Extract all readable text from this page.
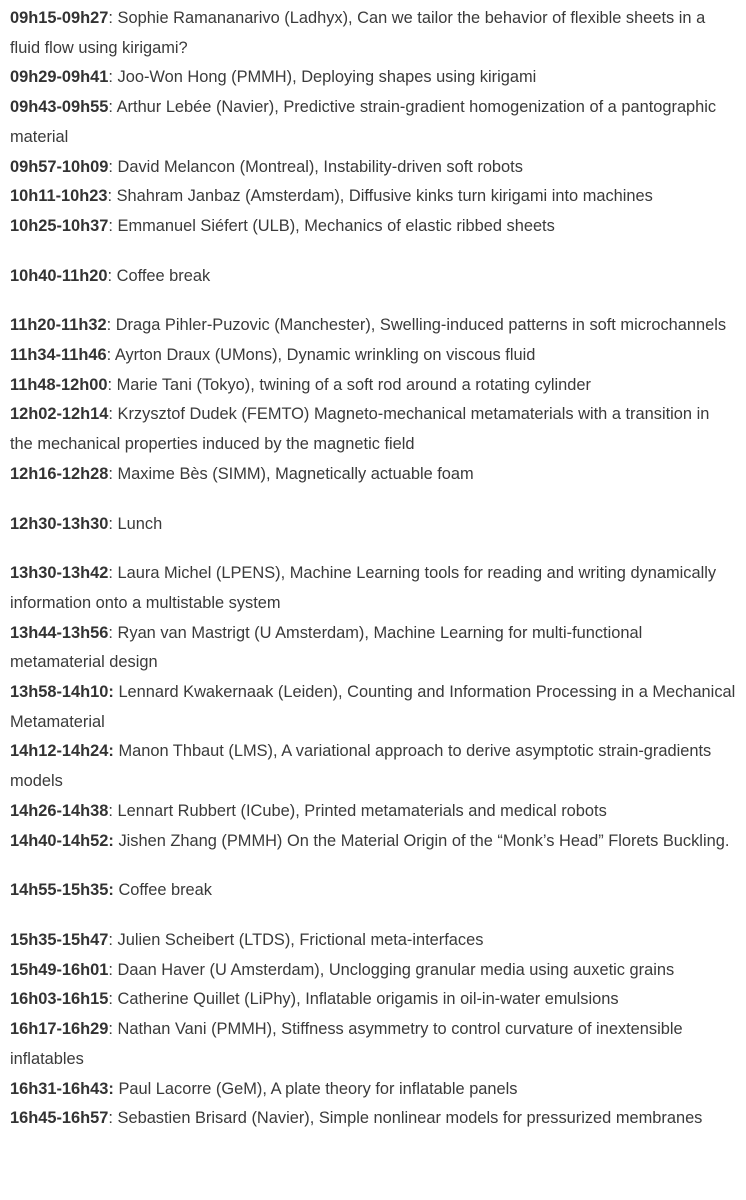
09h15-09h27: Sophie Ramananarivo (Ladhyx), Can we tailor the behavior of flexible sheets in a fluid flow using kirigami?

09h29-09h41: Joo-Won Hong (PMMH), Deploying shapes using kirigami

09h43-09h55: Arthur Lebée (Navier), Predictive strain-gradient homogenization of a pantographic material

09h57-10h09: David Melancon (Montreal), Instability-driven soft robots

10h11-10h23: Shahram Janbaz (Amsterdam), Diffusive kinks turn kirigami into machines

10h25-10h37: Emmanuel Siéfert (ULB), Mechanics of elastic ribbed sheets

10h40-11h20: Coffee break

11h20-11h32: Draga Pihler-Puzovic (Manchester), Swelling-induced patterns in soft microchannels

11h34-11h46: Ayrton Draux (UMons), Dynamic wrinkling on viscous fluid

11h48-12h00: Marie Tani (Tokyo), twining of a soft rod around a rotating cylinder

12h02-12h14: Krzysztof Dudek (FEMTO) Magneto-mechanical metamaterials with a transition in the mechanical properties induced by the magnetic field

12h16-12h28: Maxime Bès (SIMM), Magnetically actuable foam

12h30-13h30: Lunch

13h30-13h42: Laura Michel (LPENS), Machine Learning tools for reading and writing dynamically information onto a multistable system

13h44-13h56: Ryan van Mastrigt (U Amsterdam), Machine Learning for multi-functional metamaterial design

13h58-14h10: Lennard Kwakernaak (Leiden), Counting and Information Processing in a Mechanical Metamaterial

14h12-14h24: Manon Thbaut (LMS), A variational approach to derive asymptotic strain-gradients models

14h26-14h38: Lennart Rubbert (ICube), Printed metamaterials and medical robots

14h40-14h52: Jishen Zhang (PMMH) On the Material Origin of the “Monk’s Head” Florets Buckling.

14h55-15h35: Coffee break

15h35-15h47: Julien Scheibert (LTDS), Frictional meta-interfaces

15h49-16h01: Daan Haver (U Amsterdam), Unclogging granular media using auxetic grains

16h03-16h15: Catherine Quillet (LiPhy), Inflatable origamis in oil-in-water emulsions

16h17-16h29: Nathan Vani (PMMH), Stiffness asymmetry to control curvature of inextensible inflatables

16h31-16h43: Paul Lacorre (GeM), A plate theory for inflatable panels

16h45-16h57: Sebastien Brisard (Navier), Simple nonlinear models for pressurized membranes
